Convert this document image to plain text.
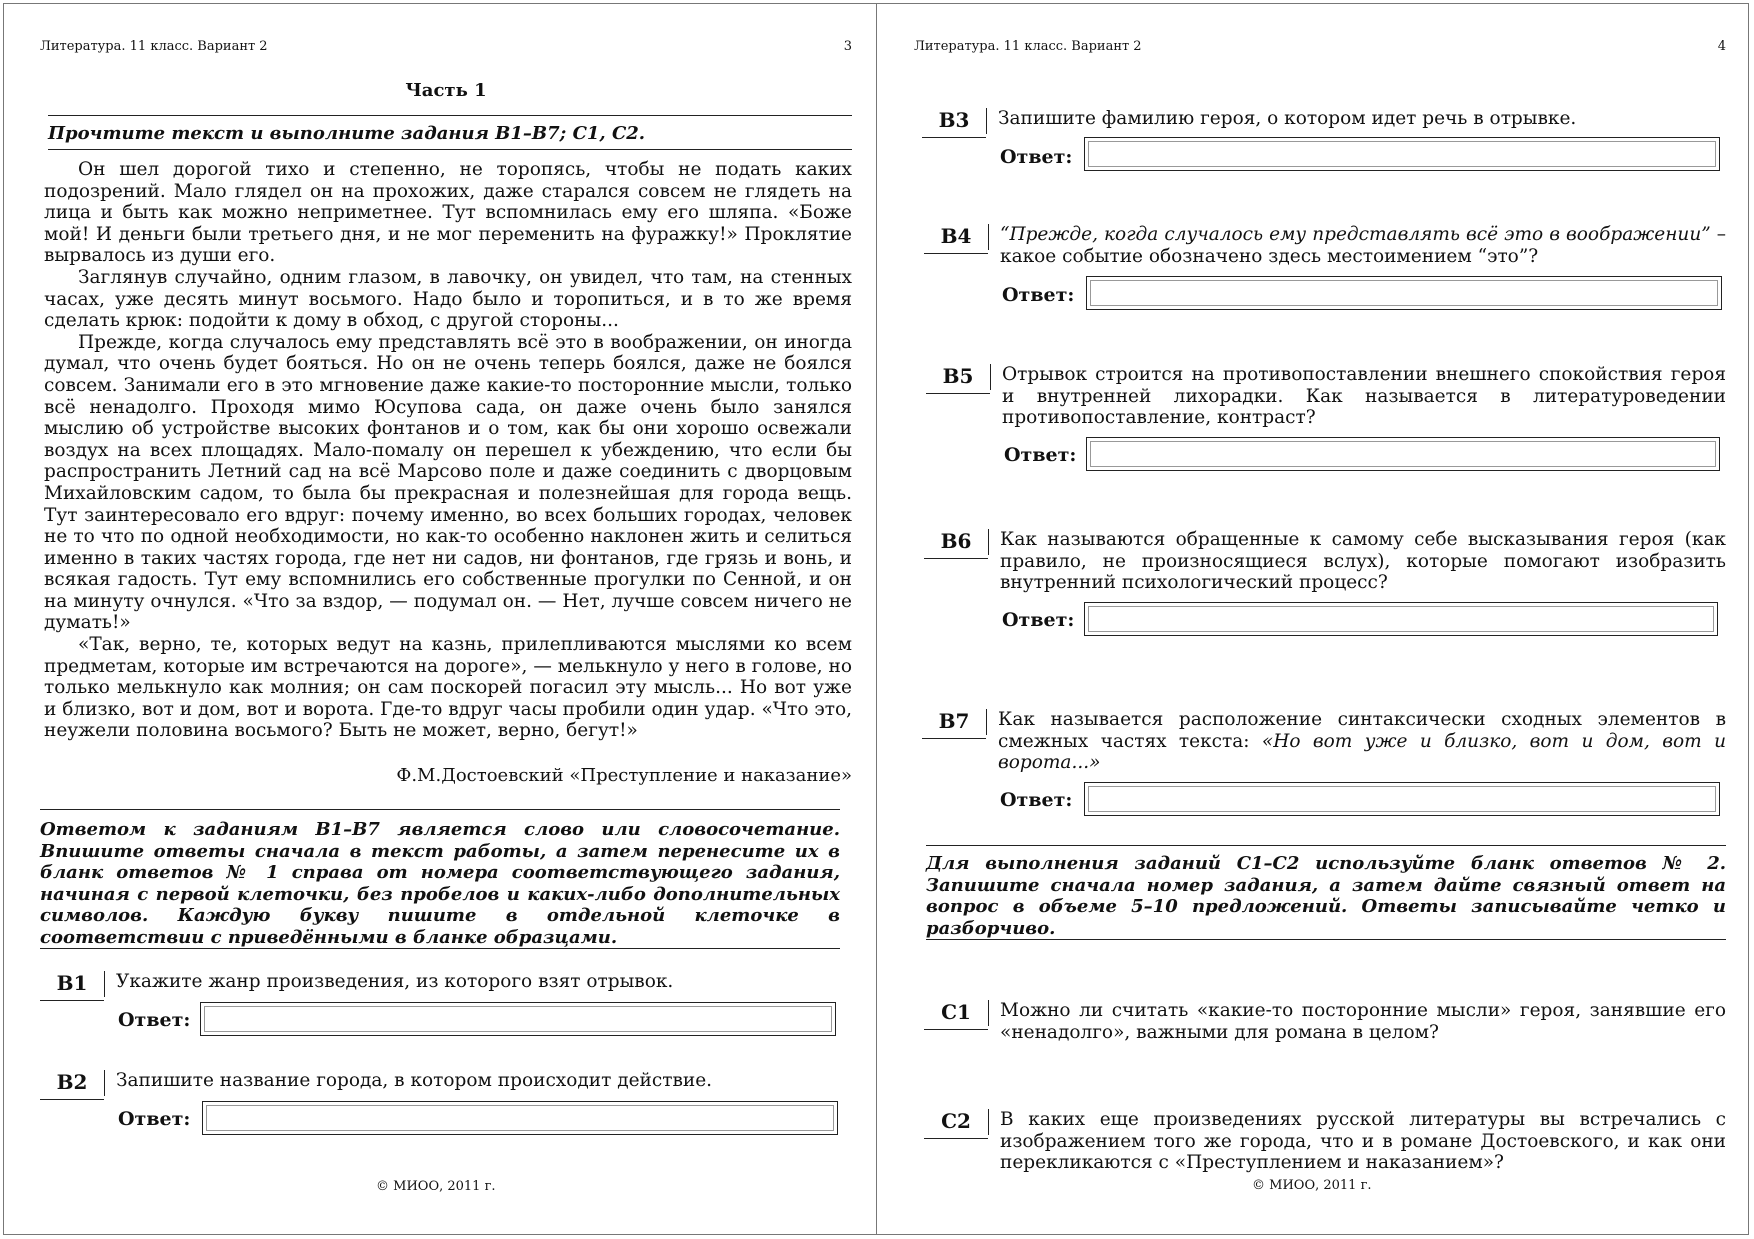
Литература. 11 класс. Вариант 2	3
Часть 1
Прочтите текст и выполните задания B1–B7; C1, C2.

Он шел дорогой тихо и степенно, не торопясь, чтобы не подать каких подозрений. Мало глядел он на прохожих, даже старался совсем не глядеть на лица и быть как можно неприметнее. Тут вспомнилась ему его шляпа. «Боже мой! И деньги были третьего дня, и не мог переменить на фуражку!» Проклятие вырвалось из души его.

Заглянув случайно, одним глазом, в лавочку, он увидел, что там, на стенных часах, уже десять минут восьмого. Надо было и торопиться, и в то же время сделать крюк: подойти к дому в обход, с другой стороны...

Прежде, когда случалось ему представлять всё это в воображении, он иногда думал, что очень будет бояться. Но он не очень теперь боялся, даже не боялся совсем. Занимали его в это мгновение даже какие-то посторонние мысли, только всё ненадолго. Проходя мимо Юсупова сада, он даже очень было занялся мыслию об устройстве высоких фонтанов и о том, как бы они хорошо освежали воздух на всех площадях. Мало-помалу он перешел к убеждению, что если бы распространить Летний сад на всё Марсово поле и даже соединить с дворцовым Михайловским садом, то была бы прекрасная и полезнейшая для города вещь. Тут заинтересовало его вдруг: почему именно, во всех больших городах, человек не то что по одной необходимости, но как-то особенно наклонен жить и селиться именно в таких частях города, где нет ни садов, ни фонтанов, где грязь и вонь, и всякая гадость. Тут ему вспомнились его собственные прогулки по Сенной, и он на минуту очнулся. «Что за вздор, — подумал он. — Нет, лучше совсем ничего не думать!»

«Так, верно, те, которых ведут на казнь, прилепливаются мыслями ко всем предметам, которые им встречаются на дороге», — мелькнуло у него в голове, но только мелькнуло как молния; он сам поскорей погасил эту мысль... Но вот уже и близко, вот и дом, вот и ворота. Где-то вдруг часы пробили один удар. «Что это, неужели половина восьмого? Быть не может, верно, бегут!»

Ф.М.Достоевский «Преступление и наказание»
Ответом к заданиям В1–В7 является слово или словосочетание. Впишите ответы сначала в текст работы, а затем перенесите их в бланк ответов № 1 справа от номера соответствующего задания, начиная с первой клеточки, без пробелов и каких-либо дополнительных символов. Каждую букву пишите в отдельной клеточке в соответствии с приведёнными в бланке образцами.
B1	Укажите жанр произведения, из которого взят отрывок.
Ответ:
B2	Запишите название города, в котором происходит действие.
Ответ:
© МИОО, 2011 г.
Литература. 11 класс. Вариант 2	4
B3	Запишите фамилию героя, о котором идет речь в отрывке.
Ответ:
B4	“Прежде, когда случалось ему представлять всё это в воображении” – какое событие обозначено здесь местоимением “это”?
Ответ:
B5	Отрывок строится на противопоставлении внешнего спокойствия героя и внутренней лихорадки. Как называется в литературоведении противопоставление, контраст?
Ответ:
B6	Как называются обращенные к самому себе высказывания героя (как правило, не произносящиеся вслух), которые помогают изобразить внутренний психологический процесс?
Ответ:
B7	Как называется расположение синтаксически сходных элементов в смежных частях текста: «Но вот уже и близко, вот и дом, вот и ворота...»
Ответ:
Для выполнения заданий С1–С2 используйте бланк ответов № 2. Запишите сначала номер задания, а затем дайте связный ответ на вопрос в объеме 5–10 предложений. Ответы записывайте четко и разборчиво.
C1	Можно ли считать «какие-то посторонние мысли» героя, занявшие его «ненадолго», важными для романа в целом?
C2	В каких еще произведениях русской литературы вы встречались с изображением того же города, что и в романе Достоевского, и как они перекликаются с «Преступлением и наказанием»?
© МИОО, 2011 г.
